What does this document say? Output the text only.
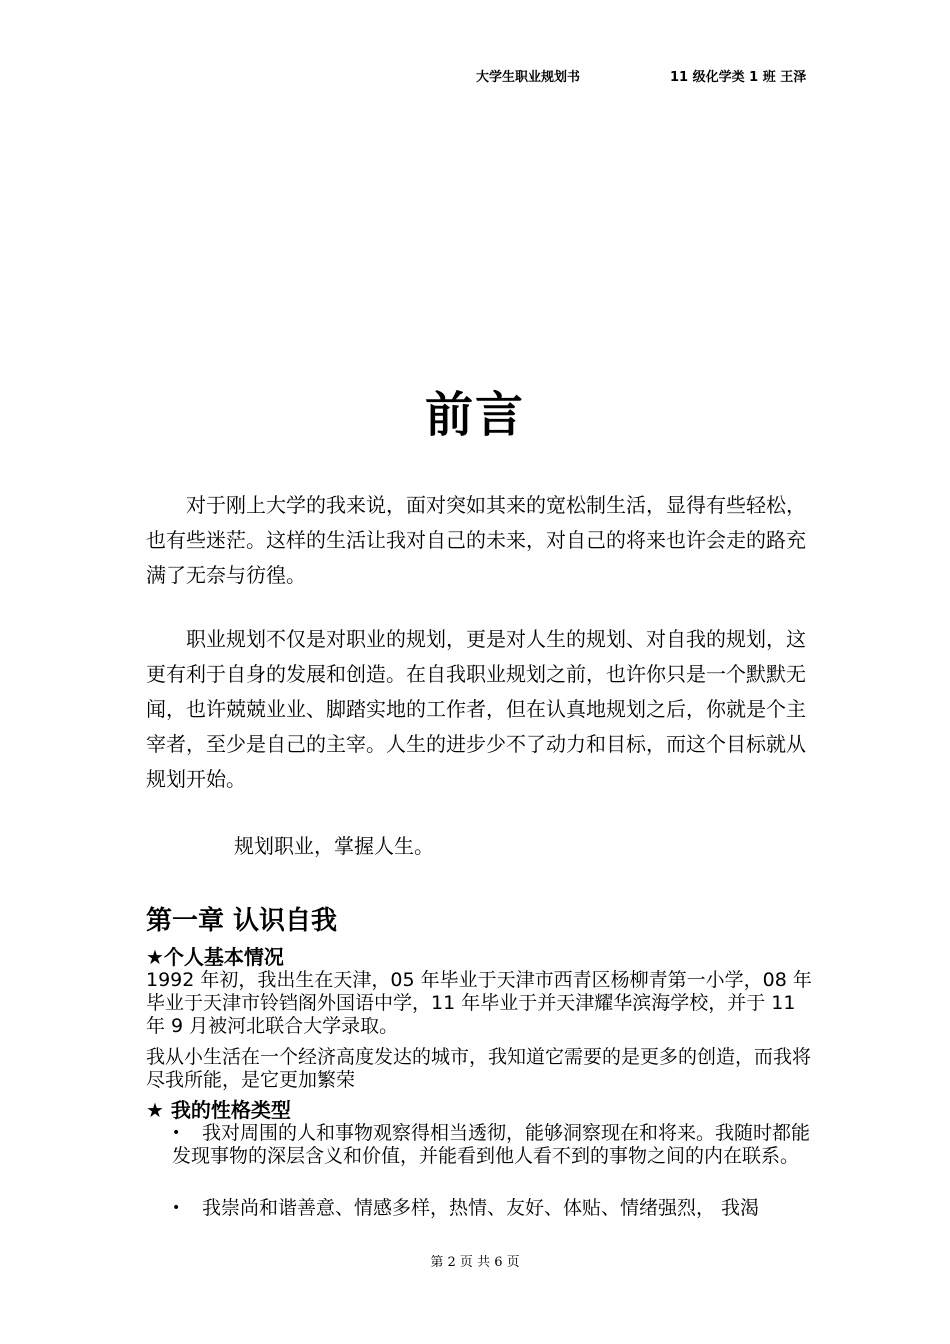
大学生职业规划书	11 级化学类 1 班 王泽
前言

对于刚上大学的我来说，面对突如其来的宽松制生活，显得有些轻松，也有些迷茫。这样的生活让我对自己的未来，对自己的将来也许会走的路充满了无奈与彷徨。

职业规划不仅是对职业的规划，更是对人生的规划、对自我的规划，这更有利于自身的发展和创造。在自我职业规划之前，也许你只是一个默默无闻，也许兢兢业业、脚踏实地的工作者，但在认真地规划之后，你就是个主宰者，至少是自己的主宰。人生的进步少不了动力和目标，而这个目标就从规划开始。

规划职业，掌握人生。

第一章 认识自我
★个人基本情况

1992 年初，我出生在天津，05 年毕业于天津市西青区杨柳青第一小学，08 年毕业于天津市铃铛阁外国语中学，11 年毕业于并天津耀华滨海学校，并于 11 年 9 月被河北联合大学录取。

我从小生活在一个经济高度发达的城市，我知道它需要的是更多的创造，而我将尽我所能，是它更加繁荣

★ 我的性格类型
•	我对周围的人和事物观察得相当透彻，能够洞察现在和将来。我随时都能发现事物的深层含义和价值，并能看到他人看不到的事物之间的内在联系。
•	我崇尚和谐善意、情感多样，热情、友好、体贴、情绪强烈， 我渴
第 2 页 共 6 页
